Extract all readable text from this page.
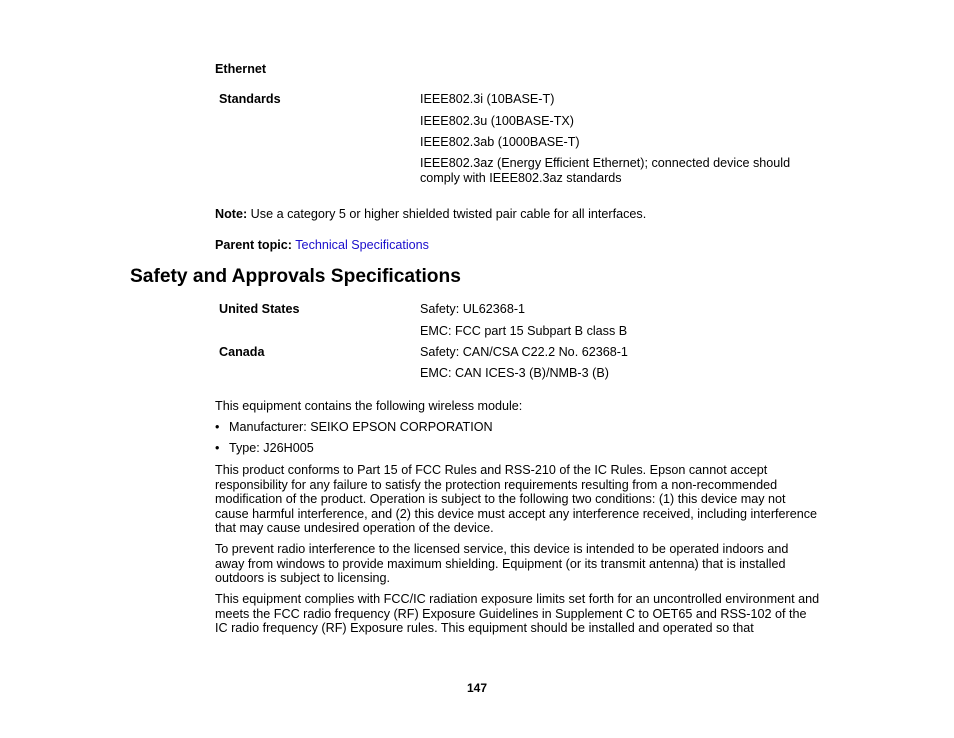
Ethernet
Standards	IEEE802.3i (10BASE-T)
IEEE802.3u (100BASE-TX)
IEEE802.3ab (1000BASE-T)
IEEE802.3az (Energy Efficient Ethernet); connected device should comply with IEEE802.3az standards
Note: Use a category 5 or higher shielded twisted pair cable for all interfaces.
Parent topic: Technical Specifications
Safety and Approvals Specifications
United States	Safety: UL62368-1
EMC: FCC part 15 Subpart B class B
Canada	Safety: CAN/CSA C22.2 No. 62368-1
EMC: CAN ICES-3 (B)/NMB-3 (B)
This equipment contains the following wireless module:
• Manufacturer: SEIKO EPSON CORPORATION
• Type: J26H005
This product conforms to Part 15 of FCC Rules and RSS-210 of the IC Rules. Epson cannot accept responsibility for any failure to satisfy the protection requirements resulting from a non-recommended modification of the product. Operation is subject to the following two conditions: (1) this device may not cause harmful interference, and (2) this device must accept any interference received, including interference that may cause undesired operation of the device.
To prevent radio interference to the licensed service, this device is intended to be operated indoors and away from windows to provide maximum shielding. Equipment (or its transmit antenna) that is installed outdoors is subject to licensing.
This equipment complies with FCC/IC radiation exposure limits set forth for an uncontrolled environment and meets the FCC radio frequency (RF) Exposure Guidelines in Supplement C to OET65 and RSS-102 of the IC radio frequency (RF) Exposure rules. This equipment should be installed and operated so that
147
